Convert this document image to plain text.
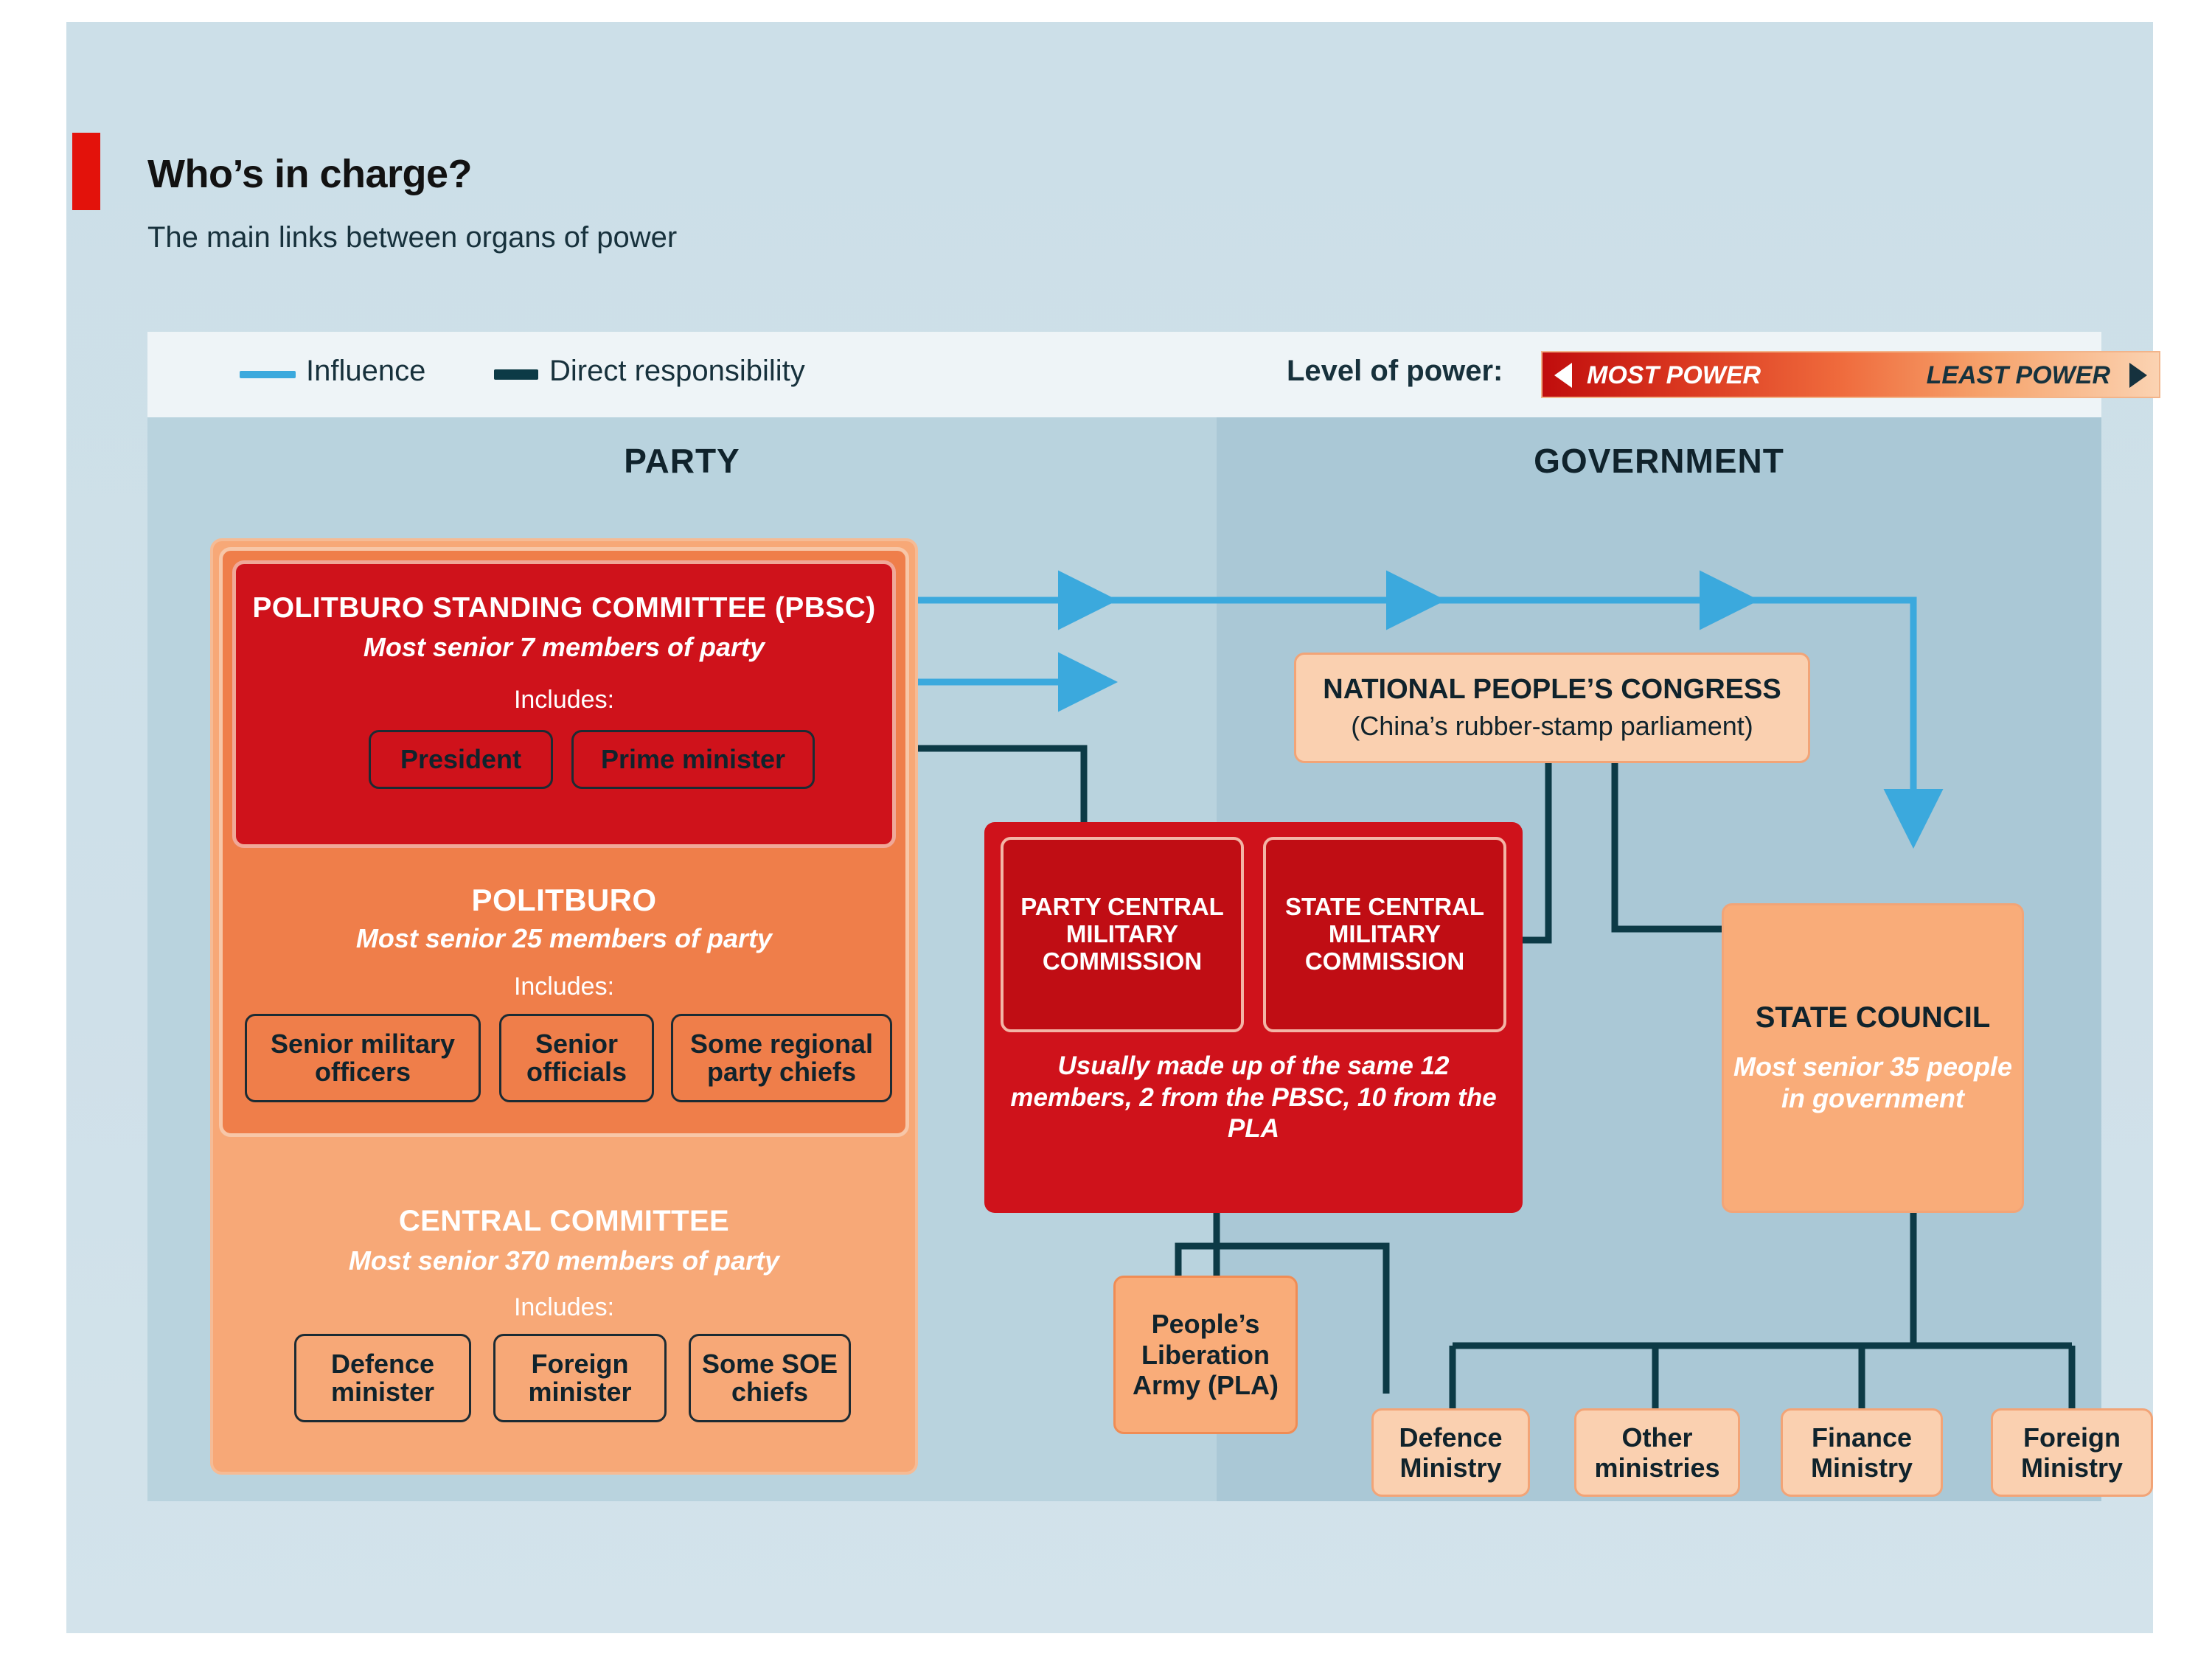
Who’s in charge?
The main links between organs of power
Influence	Direct responsibility	Level of power:	MOST POWER	LEAST POWER
PARTY	GOVERNMENT
CENTRAL COMMITTEE
Most senior 370 members of party
Includes:
Defence minister
Foreign minister
Some SOE chiefs
POLITBURO
Most senior 25 members of party
Includes:
Senior military officers
Senior officials
Some regional party chiefs
POLITBURO STANDING COMMITTEE (PBSC)
Most senior 7 members of party
Includes:
President	Prime minister
PARTY CENTRAL MILITARY COMMISSION
STATE CENTRAL MILITARY COMMISSION
Usually made up of the same 12 members, 2 from the PBSC, 10 from the PLA
People’s Liberation Army (PLA)
NATIONAL PEOPLE’S CONGRESS
(China’s rubber-stamp parliament)
STATE COUNCIL
Most senior 35 people in government
Defence Ministry
Other ministries
Finance Ministry
Foreign Ministry
